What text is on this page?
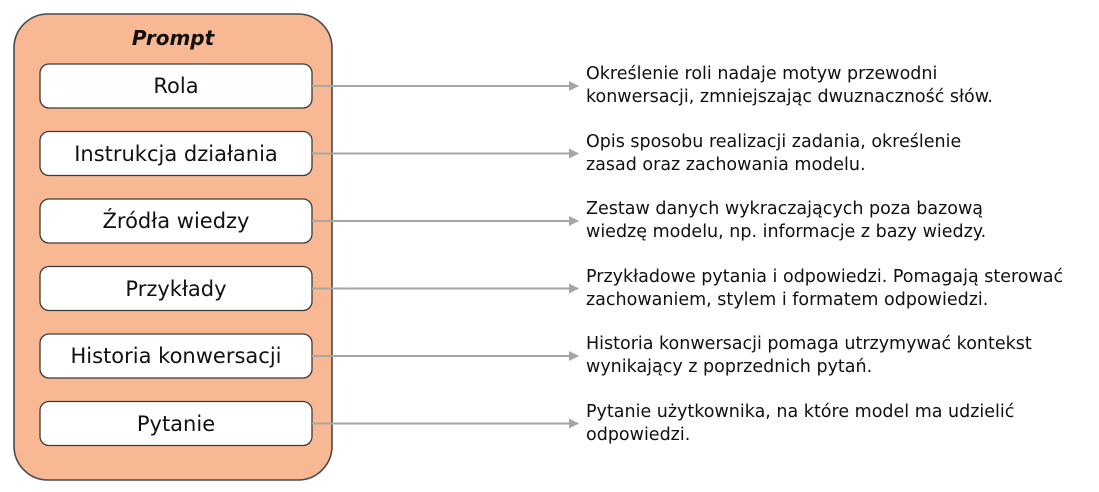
Prompt
Rola
Instrukcja działania
Źródła wiedzy
Przykłady
Historia konwersacji
Pytanie
Określenie roli nadaje motyw przewodni
konwersacji, zmniejszając dwuznaczność słów.
Opis sposobu realizacji zadania, określenie
zasad oraz zachowania modelu.
Zestaw danych wykraczających poza bazową
wiedzę modelu, np. informacje z bazy wiedzy.
Przykładowe pytania i odpowiedzi. Pomagają sterować
zachowaniem, stylem i formatem odpowiedzi.
Historia konwersacji pomaga utrzymywać kontekst
wynikający z poprzednich pytań.
Pytanie użytkownika, na które model ma udzielić
odpowiedzi.
